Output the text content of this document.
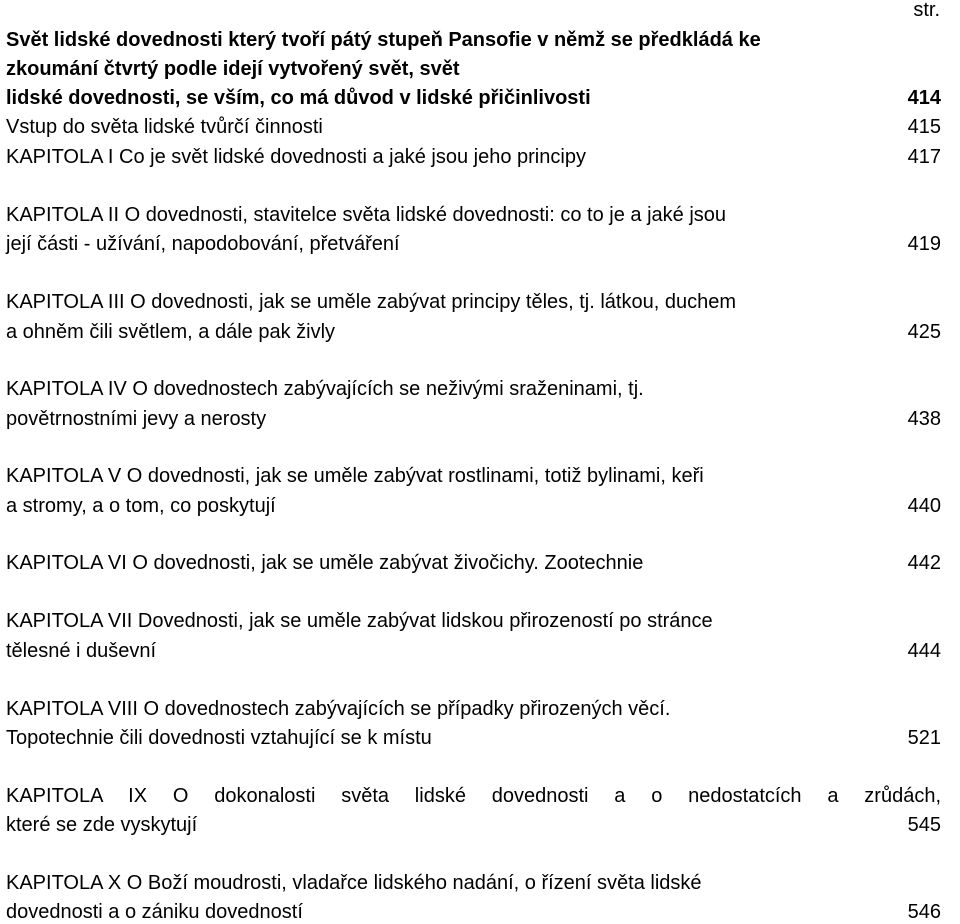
str.
Svět lidské dovednosti který tvoří pátý stupeň Pansofie v němž se předkládá ke
zkoumání čtvrtý podle idejí vytvořený svět, svět
lidské dovednosti, se vším, co má důvod v lidské přičinlivosti	414
Vstup do světa lidské tvůrčí činnosti	415
KAPITOLA I Co je svět lidské dovednosti a jaké jsou jeho principy	417
KAPITOLA II O dovednosti, stavitelce světa lidské dovednosti: co to je a jaké jsou
její části - užívání, napodobování, přetváření	419
KAPITOLA III O dovednosti, jak se uměle zabývat principy těles, tj. látkou, duchem
a ohněm čili světlem, a dále pak živly	425
KAPITOLA IV O dovednostech zabývajících se neživými sraženinami, tj.
povětrnostními jevy a nerosty	438
KAPITOLA V O dovednosti, jak se uměle zabývat rostlinami, totiž bylinami, keři
a stromy, a o tom, co poskytují	440
KAPITOLA VI O dovednosti, jak se uměle zabývat živočichy. Zootechnie	442
KAPITOLA VII Dovednosti, jak se uměle zabývat lidskou přirozeností po stránce
tělesné i duševní	444
KAPITOLA VIII O dovednostech zabývajících se případky přirozených věcí.
Topotechnie čili dovednosti vztahující se k místu	521
KAPITOLA IX O dokonalosti světa lidské dovednosti a o nedostatcích a zrůdách,
které se zde vyskytují	545
KAPITOLA X O Boží moudrosti, vladařce lidského nadání, o řízení světa lidské
dovednosti a o zániku dovedností	546
